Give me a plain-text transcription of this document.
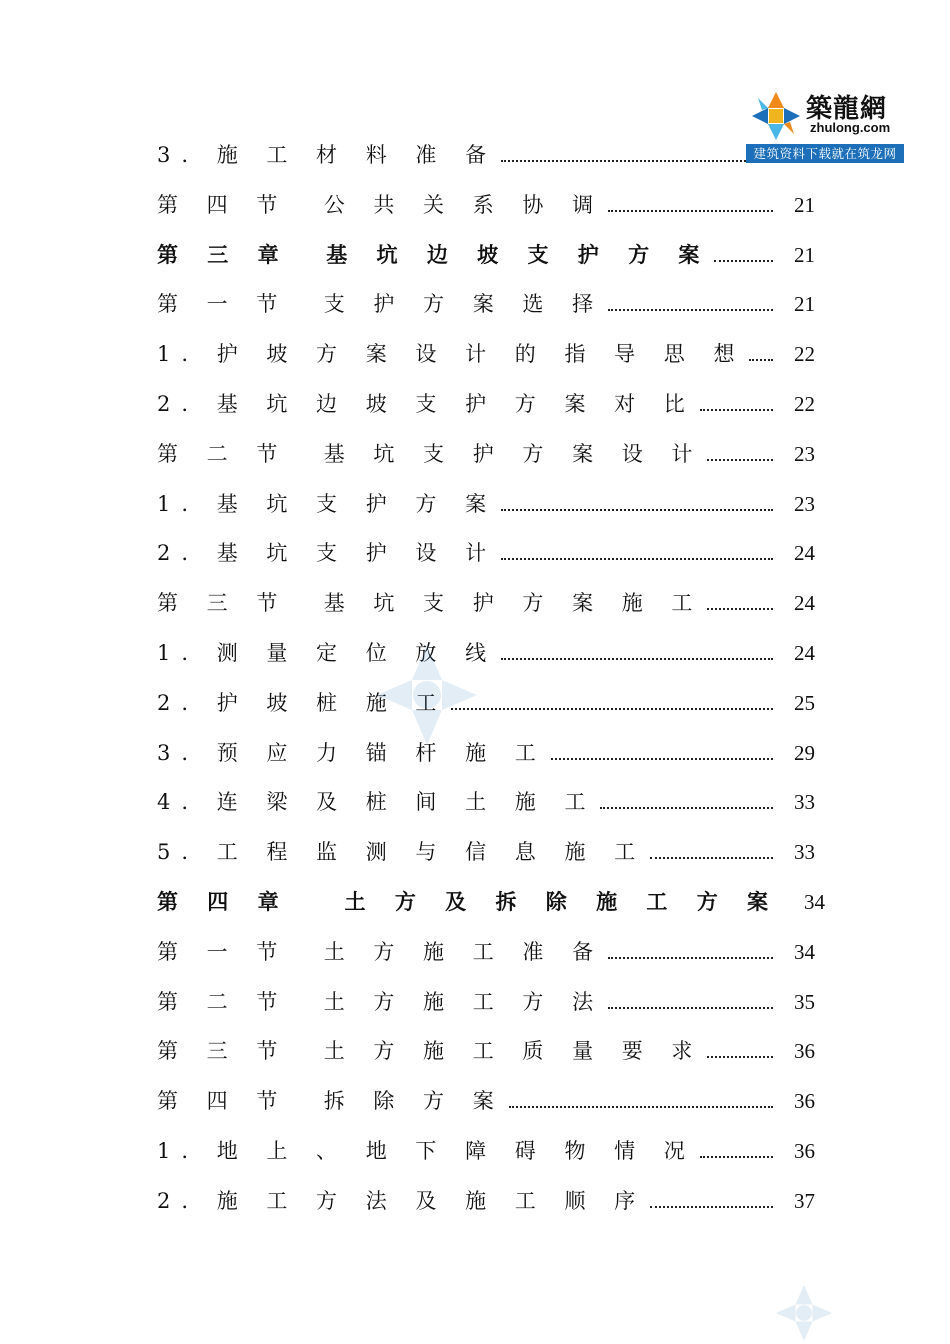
3. 施 工 材 料 准 备
第 四 节  公 共 关 系 协 调	21
第 三 章  基 坑 边 坡 支 护 方 案	21
第 一 节  支 护 方 案 选 择	21
1. 护 坡 方 案 设 计 的 指 导 思 想 22
2. 基 坑 边 坡 支 护 方 案 对 比	22
第 二 节  基 坑 支 护 方 案 设 计	23
1. 基 坑 支 护 方 案	23
2. 基 坑 支 护 设 计	24
第 三 节  基 坑 支 护 方 案 施 工	24
1. 测 量 定 位 放 线	24
2. 护 坡 桩 施 工	25
3. 预 应 力 锚 杆 施 工	29
4. 连 梁 及 桩 间 土 施 工	33
5. 工 程 监 测 与 信 息 施 工	33
第 四 章   土 方 及 拆 除 施 工 方 案 34
第 一 节  土 方 施 工 准 备	34
第 二 节  土 方 施 工 方 法	35
第 三 节  土 方 施 工 质 量 要 求	36
第 四 节  拆 除 方 案	36
1. 地 上 、 地 下 障 碍 物 情 况	36
2. 施 工 方 法 及 施 工 顺 序	37
築龍網
zhulong.com
建筑资料下载就在筑龙网
